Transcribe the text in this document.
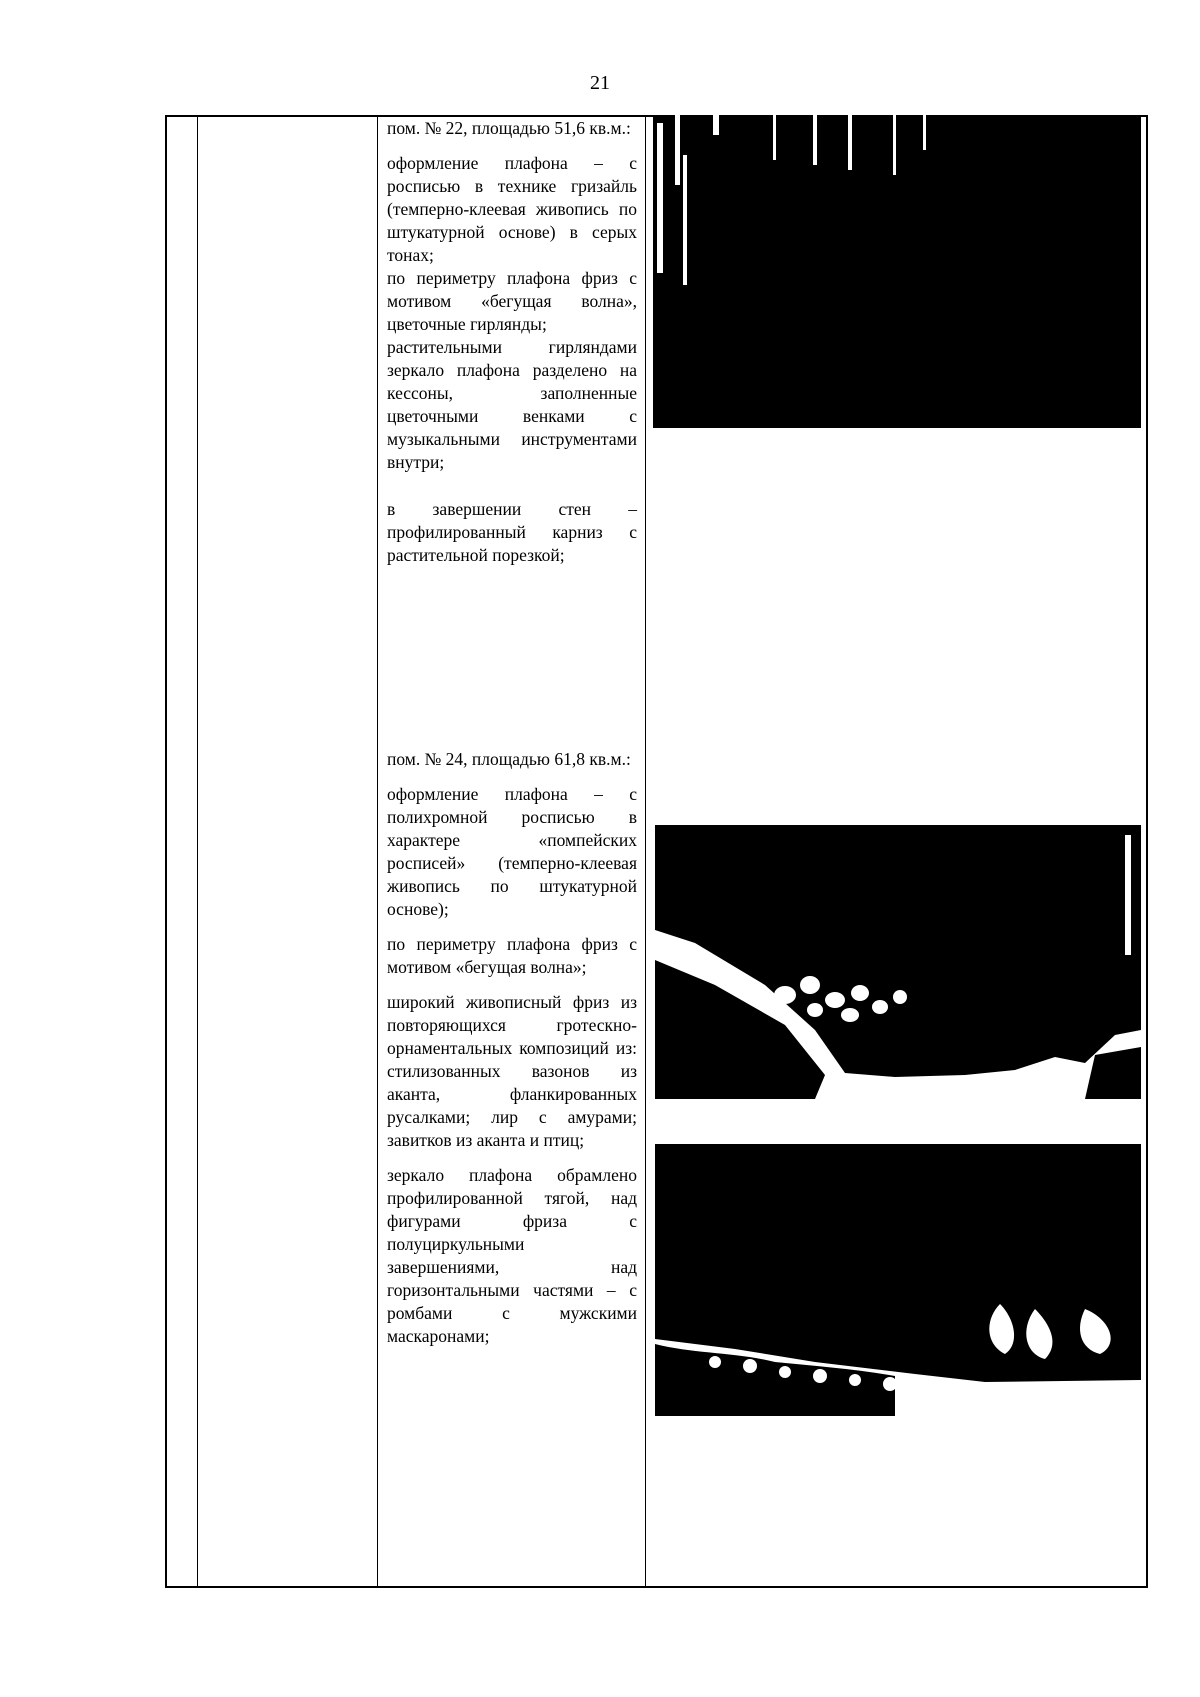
21

пом. № 22, площадью 51,6 кв.м.:

оформление плафона – с росписью в технике гризайль (темперно-клеевая живопись по штукатурной основе) в серых тонах;

по периметру плафона фриз с мотивом «бегущая волна», цветочные гирлянды;

растительными гирляндами зеркало плафона разделено на кессоны, заполненные цветочными венками с музыкальными инструментами внутри;

в завершении стен – профилированный карниз с растительной порезкой;

пом. № 24, площадью 61,8 кв.м.:

оформление плафона – с полихромной росписью в характере «помпейских росписей» (темперно-клеевая живопись по штукатурной основе);

по периметру плафона фриз с мотивом «бегущая волна»;

широкий живописный фриз из повторяющихся гротескно-орнаментальных композиций из: стилизованных вазонов из аканта, фланкированных русалками; лир с амурами; завитков из аканта и птиц;

зеркало плафона обрамлено профилированной тягой, над фигурами фриза с полуциркульными завершениями, над горизонтальными частями – с ромбами с мужскими маскаронами;
